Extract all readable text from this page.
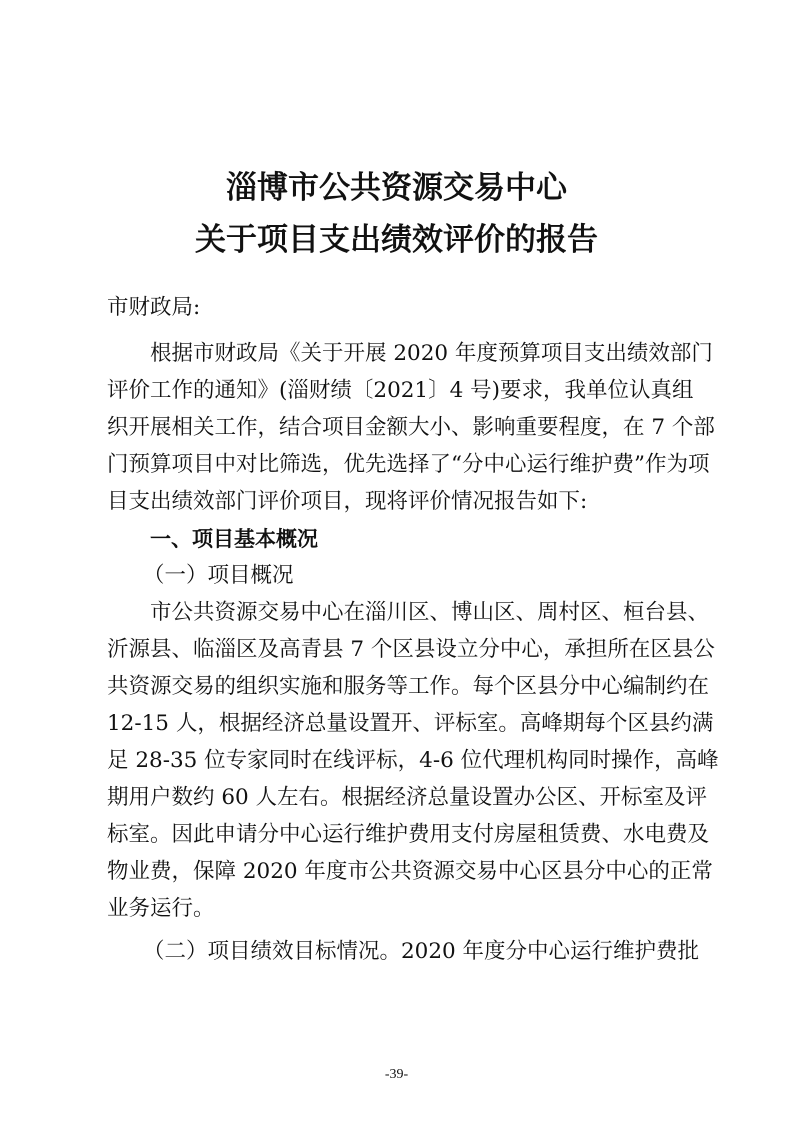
淄博市公共资源交易中心
关于项目支出绩效评价的报告
市财政局:
根据市财政局《关于开展 2020 年度预算项目支出绩效部门
评价工作的通知》(淄财绩〔2021〕4 号)要求，我单位认真组
织开展相关工作，结合项目金额大小、影响重要程度，在 7 个部
门预算项目中对比筛选，优先选择了“分中心运行维护费”作为项
目支出绩效部门评价项目，现将评价情况报告如下:
一、项目基本概况
（一）项目概况
市公共资源交易中心在淄川区、博山区、周村区、桓台县、
沂源县、临淄区及高青县 7 个区县设立分中心，承担所在区县公
共资源交易的组织实施和服务等工作。每个区县分中心编制约在
12-15 人，根据经济总量设置开、评标室。高峰期每个区县约满
足 28-35 位专家同时在线评标，4-6 位代理机构同时操作，高峰
期用户数约 60 人左右。根据经济总量设置办公区、开标室及评
标室。因此申请分中心运行维护费用支付房屋租赁费、水电费及
物业费，保障 2020 年度市公共资源交易中心区县分中心的正常
业务运行。
（二）项目绩效目标情况。2020 年度分中心运行维护费批
-39-
